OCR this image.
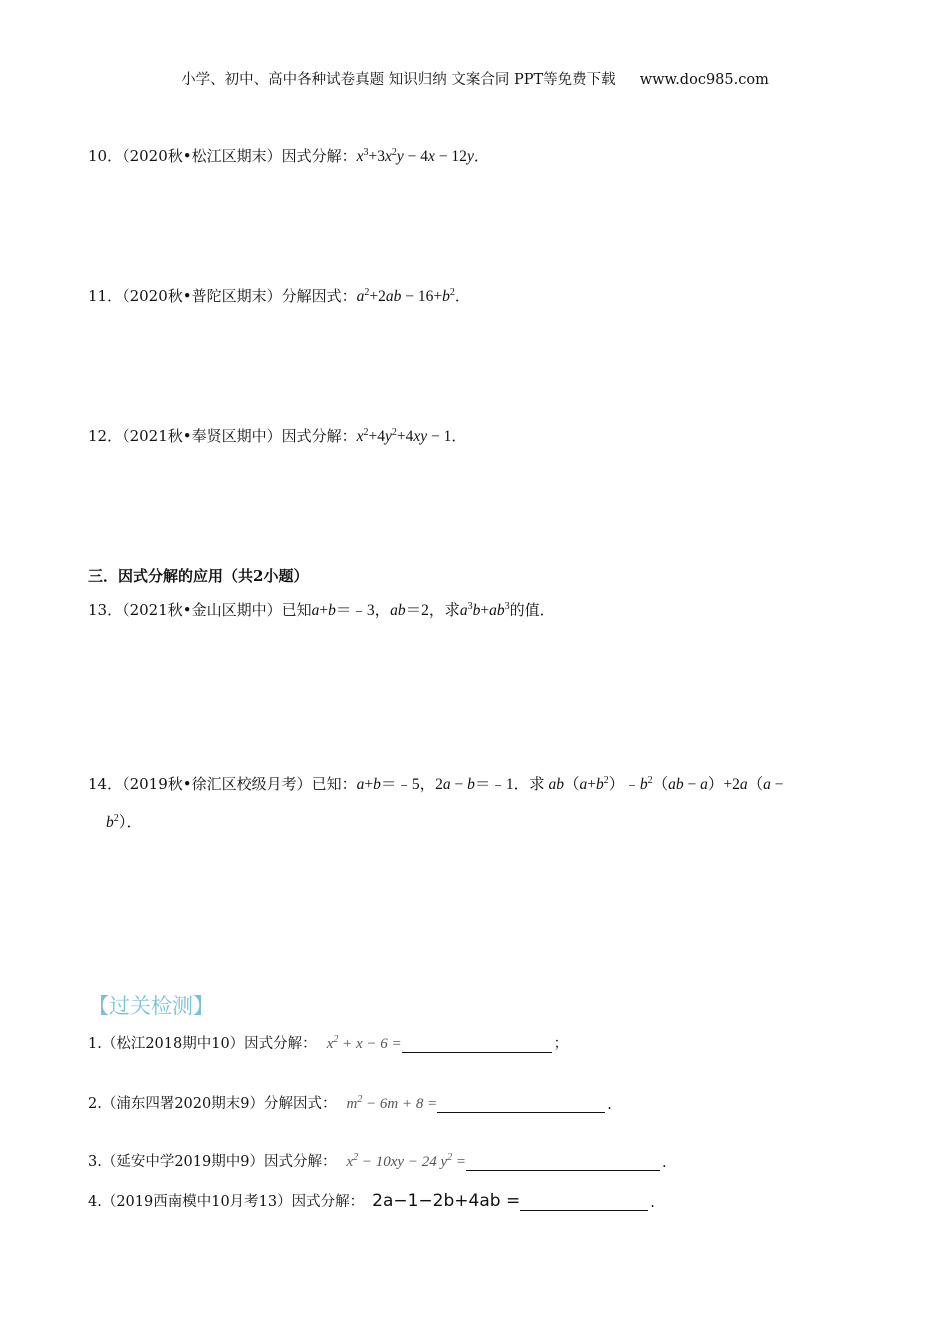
小学、初中、高中各种试卷真题 知识归纳 文案合同 PPT等免费下载 www.doc985.com
10．（2020秋•松江区期末）因式分解：$x^3+3x^2y - 4x - 12y$．
11．（2020秋•普陀区期末）分解因式：$a^2+2ab - 16+b^2$．
12．（2021秋•奉贤区期中）因式分解：$x^2+4y^2+4xy - 1$．
三．因式分解的应用（共2小题）
13．（2021秋•金山区期中）已知a+b＝﹣3，ab＝2，求$a^3b+ab^3$的值．
14．（2019秋•徐汇区校级月考）已知：a+b＝﹣5，2a − b＝﹣1．求 $ab(a+b^2)﹣b^2(ab - a)+2a(a$ −
$b^2$）．
【过关检测】
1.（松江2018期中10）因式分解： $x^2 + x - 6$ =	；
2.（浦东四署2020期末9）分解因式： $m^2 - 6m + 8$ =	.
3.（延安中学2019期中9）因式分解： $x^2 - 10xy - 24$ $y^2$ =	.
4.（2019西南模中10月考13）因式分解： 2a−1−2b+4ab =	.
